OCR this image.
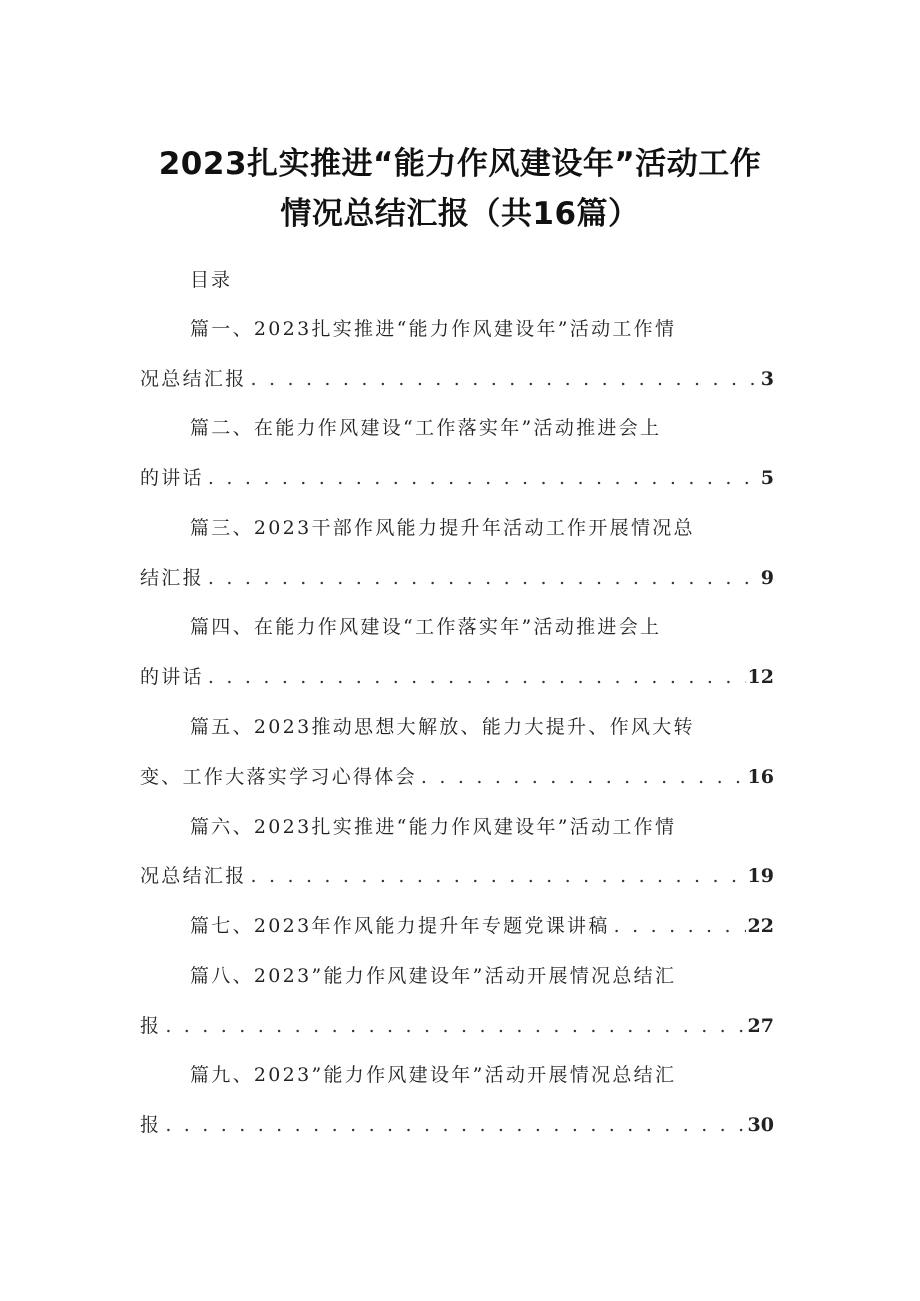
2023扎实推进“能力作风建设年”活动工作
情况总结汇报（共16篇）
目录
篇一、2023扎实推进“能力作风建设年”活动工作情
况总结汇报 . . .	3
篇二、在能力作风建设“工作落实年”活动推进会上
的讲话 . . .	5
篇三、2023干部作风能力提升年活动工作开展情况总
结汇报 . . .	9
篇四、在能力作风建设“工作落实年”活动推进会上
的讲话 . . .	12
篇五、2023推动思想大解放、能力大提升、作风大转
变、工作大落实学习心得体会 . . .	16
篇六、2023扎实推进“能力作风建设年”活动工作情
况总结汇报 . . .	19
篇七、2023年作风能力提升年专题党课讲稿 . . .	22
篇八、2023”能力作风建设年”活动开展情况总结汇
报 . . .	27
篇九、2023”能力作风建设年”活动开展情况总结汇
报 . . .	30
